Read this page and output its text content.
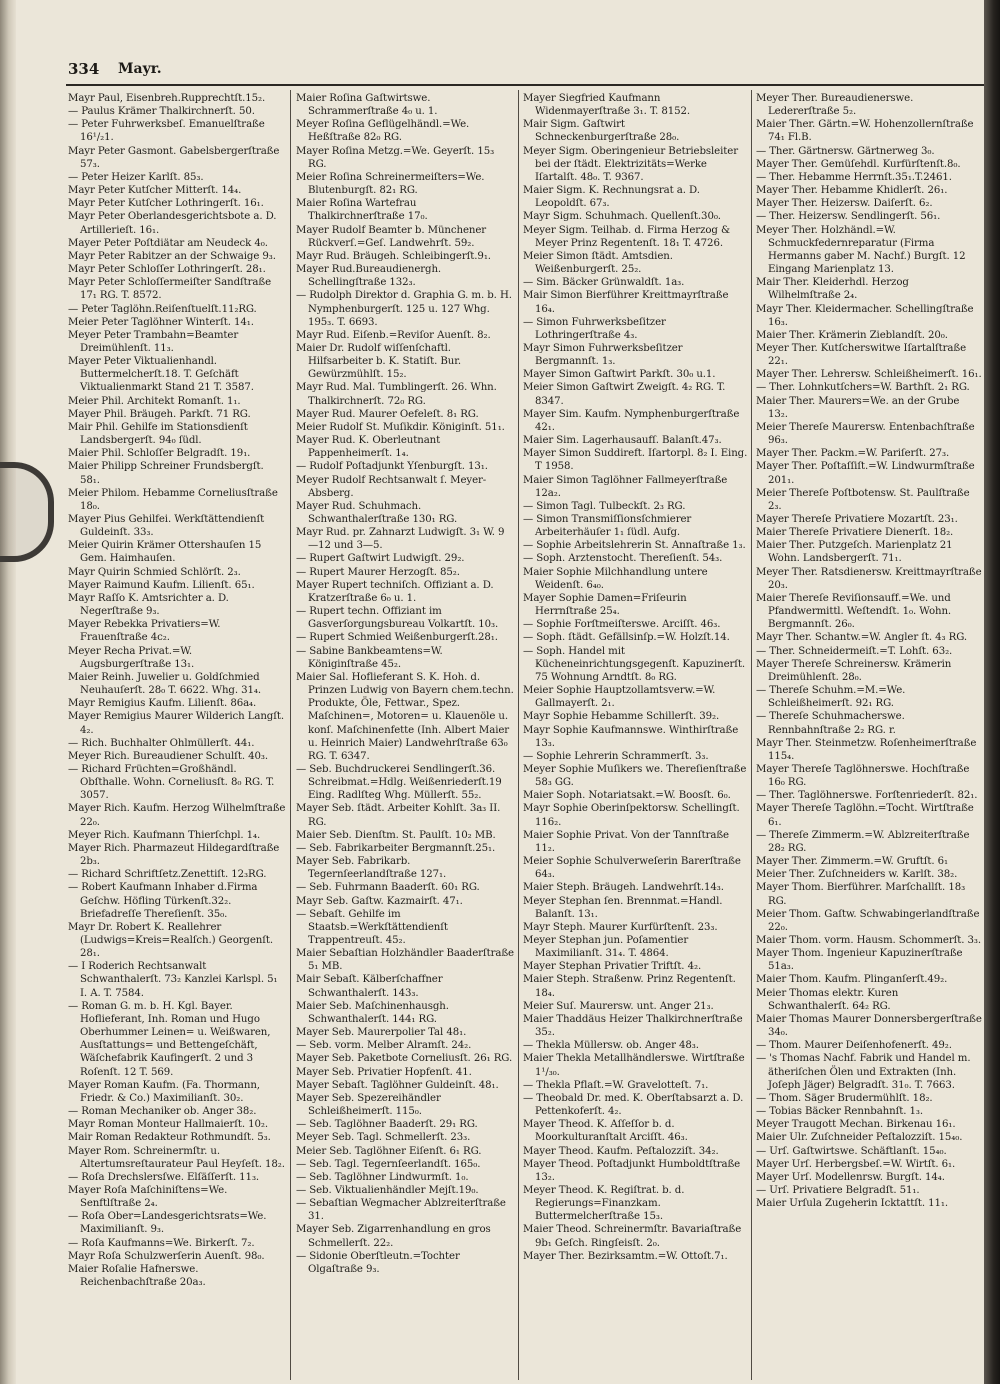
334 Mayr.

Mayr Paul, Eisenbreh.Rupprechtſt.15₂.

— Paulus Krämer Thalkirchnerſt. 50.

— Peter Fuhrwerksbeſ. Emanuelſtraße 16¹/₂1.

Mayr Peter Gasmont. Gabelsbergerſtraße 57₃.

— Peter Heizer Karlſt. 85₃.

Mayr Peter Kutſcher Mitterſt. 14₄.

Mayr Peter Kutſcher Lothringerſt. 16₁.

Mayr Peter Oberlandesgerichtsbote a. D. Artillerieſt. 16₁.

Mayer Peter Poſtdiätar am Neudeck 4₀.

Mayr Peter Rabitzer an der Schwaige 9₃.

Mayr Peter Schloſſer Lothringerſt. 28₁.

Mayr Peter Schloſſermeiſter Sandſtraße 17₁ RG. T. 8572.

— Peter Taglöhn.Reiſenſtuelſt.11₂RG.

Meier Peter Taglöhner Winterſt. 14₁.

Meyer Peter Trambahn=Beamter Dreimühlenſt. 11₃.

Mayer Peter Viktualienhandl. Buttermelcherſt.18. T. Geſchäft Viktualienmarkt Stand 21 T. 3587.

Meier Phil. Architekt Romanſt. 1₁.

Mayer Phil. Bräugeh. Parkſt. 71 RG.

Mair Phil. Gehilfe im Stationsdienſt Landsbergerſt. 94₀ ſüdl.

Maier Phil. Schloſſer Belgradſt. 19₁.

Maier Philipp Schreiner Frundsbergſt. 58₁.

Meier Philom. Hebamme Corneliusſtraße 18₀.

Mayer Pius Gehilfei. Werkſtättendienſt Guldeinſt. 33₃.

Meier Quirin Krämer Ottershauſen 15 Gem. Haimhauſen.

Mayr Quirin Schmied Schlörſt. 2₃.

Mayer Raimund Kaufm. Lilienſt. 65₁.

Mayr Raſſo K. Amtsrichter a. D. Negerſtraße 9₃.

Mayer Rebekka Privatiers=W. Frauenſtraße 4c₂.

Meyer Recha Privat.=W. Augsburgerſtraße 13₁.

Maier Reinh. Juwelier u. Goldſchmied Neuhauſerſt. 28₀ T. 6622. Whg. 31₄.

Mayr Remigius Kaufm. Lilienſt. 86a₄.

Mayer Remigius Maurer Wilderich Langſt. 4₂.

— Rich. Buchhalter Ohlmüllerſt. 44₁.

Meyer Rich. Bureaudiener Schulſt. 40₃.

— Richard Früchten=Großhändl. Obſthalle. Wohn. Corneliusſt. 8₀ RG. T. 3057.

Mayer Rich. Kaufm. Herzog Wilhelmſtraße 22₀.

Meyer Rich. Kaufmann Thierſchpl. 1₄.

Mayer Rich. Pharmazeut Hildegardſtraße 2b₃.

— Richard Schriftſetz.Zenettiſt. 12₃RG.

— Robert Kaufmann Inhaber d.Firma Geſchw. Höfling Türkenſt.32₂. Briefadreſſe Thereſienſt. 35₀.

Mayr Dr. Robert K. Reallehrer (Ludwigs=Kreis=Realſch.) Georgenſt. 28₁.

— I Roderich Rechtsanwalt Schwanthalerſt. 73₂ Kanzlei Karlspl. 5₁ I. A. T. 7584.

— Roman G. m. b. H. Kgl. Bayer. Hoflieferant, Inh. Roman und Hugo Oberhummer Leinen= u. Weißwaren, Ausſtattungs= und Bettengeſchäft, Wäſchefabrik Kaufingerſt. 2 und 3 Roſenſt. 12 T. 569.

Mayer Roman Kaufm. (Fa. Thormann, Friedr. & Co.) Maximilianſt. 30₂.

— Roman Mechaniker ob. Anger 38₂.

Mayr Roman Monteur Hallmaierſt. 10₂.

Mair Roman Redakteur Rothmundſt. 5₃.

Mayer Rom. Schreinermſtr. u. Altertumsreſtaurateur Paul Heyſeſt. 18₂.

— Roſa Drechslersſwe. Elſäſſerſt. 11₃.

Mayer Roſa Maſchiniſtens=We. Senftlſtraße 2₄.

— Roſa Ober=Landesgerichtsrats=We. Maximilianſt. 9₃.

— Roſa Kaufmanns=We. Birkerſt. 7₂.

Mayr Roſa Schulzwerſerin Auenſt. 98₀.

Maier Roſalie Hafnerswe. Reichenbachſtraße 20a₃.

Maier Roſina Gaſtwirtswe. Schrammerſtraße 4₀ u. 1.

Meyer Roſina Geflügelhändl.=We. Heßſtraße 82₀ RG.

Mayer Roſina Metzg.=We. Geyerſt. 15₃ RG.

Meier Roſina Schreinermeiſters=We. Blutenburgſt. 82₁ RG.

Maier Roſina Wartefrau Thalkirchnerſtraße 17₀.

Mayer Rudolf Beamter b. Münchener Rückverſ.=Geſ. Landwehrſt. 59₂.

Mayr Rud. Bräugeh. Schleibingerſt.9₁.

Mayer Rud.Bureaudienergh. Schellingſtraße 132₃.

— Rudolph Direktor d. Graphia G. m. b. H. Nymphenburgerſt. 125 u. 127 Whg. 195₃. T. 6693.

Mayr Rud. Eiſenb.=Reviſor Auenſt. 8₂.

Maier Dr. Rudolf wiſſenſchaftl. Hilfsarbeiter b. K. Statiſt. Bur. Gewürzmühlſt. 15₂.

Mayr Rud. Mal. Tumblingerſt. 26. Whn. Thalkirchnerſt. 72₀ RG.

Mayer Rud. Maurer Oefeleſt. 8₁ RG.

Meier Rudolf St. Muſikdir. Königinſt. 51₁.

Mayer Rud. K. Oberleutnant Pappenheimerſt. 1₄.

— Rudolf Poſtadjunkt Yſenburgſt. 13₁.

Meyer Rudolf Rechtsanwalt ſ. Meyer-Absberg.

Mayer Rud. Schuhmach. Schwanthalerſtraße 130₁ RG.

Mayr Rud. pr. Zahnarzt Ludwigſt. 3₁ W. 9—12 und 3—5.

— Rupert Gaſtwirt Ludwigſt. 29₂.

— Rupert Maurer Herzogſt. 85₂.

Mayer Rupert techniſch. Offizіant a. D. Kratzerſtraße 6₀ u. 1.

— Rupert techn. Offiziant im Gasverſorgungsbureau Volkartſt. 10₃.

— Rupert Schmied Weißenburgerſt.28₁.

— Sabine Bankbeamtens=W. Königinſtraße 45₂.

Maier Sal. Hoflieferant S. K. Hoh. d. Prinzen Ludwig von Bayern chem.techn. Produkte, Öle, Fettwar., Spez. Maſchinen=, Motoren= u. Klauenöle u. konſ. Maſchinenfette (Inh. Albert Maier u. Heinrich Maier) Landwehrſtraße 63₀ RG. T. 6347.

— Seb. Buchdruckerei Sendlingerſt.36. Schreibmat.=Hdlg. Weißenriederſt.19 Eing. Radlſteg Whg. Müllerſt. 55₂.

Mayer Seb. ſtädt. Arbeiter Kohlſt. 3a₃ II. RG.

Maier Seb. Dienſtm. St. Paulſt. 10₂ MB.

— Seb. Fabrikarbeiter Bergmannſt.25₁.

Mayer Seb. Fabrikarb. Tegernſeerlandſtraße 127₁.

— Seb. Fuhrmann Baaderſt. 60₁ RG.

Mayr Seb. Gaſtw. Kazmairſt. 47₁.

— Sebaſt. Gehilfe im Staatsb.=Werkſtättendienſt Trappentreuſt. 45₂.

Maier Sebaſtian Holzhändler Baaderſtraße 5₁ MB.

Mair Sebaſt. Kälberſchaffner Schwanthalerſt. 143₃.

Maier Seb. Maſchinenhausgh. Schwanthalerſt. 144₁ RG.

Mayer Seb. Maurerpolier Tal 48₁.

— Seb. vorm. Melber Alramſt. 24₂.

Mayer Seb. Paketbote Corneliusſt. 26₁ RG.

Mayer Seb. Privatier Hopfenſt. 41.

Mayer Sebaſt. Taglöhner Guldeinſt. 48₁.

Mayer Seb. Spezereihändler Schleißheimerſt. 115₀.

— Seb. Taglöhner Baaderſt. 29₁ RG.

Meyer Seb. Tagl. Schmellerſt. 23₃.

Meier Seb. Taglöhner Eiſenſt. 6₁ RG.

— Seb. Tagl. Tegernſeerlandſt. 165₀.

— Seb. Taglöhner Lindwurmſt. 1₀.

— Seb. Viktualienhändler Mejſt.19₀.

— Sebaſtian Wegmacher Ablzreiterſtraße 31.

Mayer Seb. Zigarrenhandlung en gros Schmellerſt. 22₂.

— Sidonie Oberſtleutn.=Tochter Olgaſtraße 9₃.

Mayer Siegfried Kaufmann Widenmayerſtraße 3₁. T. 8152.

Mair Sigm. Gaſtwirt Schneckenburgerſtraße 28₀.

Meyer Sigm. Oberingenieur Betriebsleiter bei der ſtädt. Elektrizitäts=Werke Iſartalſt. 48₀. T. 9367.

Maier Sigm. K. Rechnungsrat a. D. Leopoldſt. 67₃.

Mayr Sigm. Schuhmach. Quellenſt.30₀.

Meyer Sigm. Teilhab. d. Firma Herzog & Meyer Prinz Regentenſt. 18₁ T. 4726.

Meier Simon ſtädt. Amtsdien. Weißenburgerſt. 25₂.

— Sim. Bäcker Grünwaldſt. 1a₃.

Mair Simon Bierführer Kreittmayrſtraße 16₄.

— Simon Fuhrwerksbeſitzer Lothringerſtraße 4₃.

Mayr Simon Fuhrwerksbeſitzer Bergmannſt. 1₃.

Mayer Simon Gaſtwirt Parkſt. 30₀ u.1.

Meier Simon Gaſtwirt Zweigſt. 4₂ RG. T. 8347.

Mayer Sim. Kaufm. Nymphenburgerſtraße 42₁.

Maier Sim. Lagerhausaufſ. Balanſt.47₃.

Mayer Simon Suddireft. Iſartorpl. 8₂ I. Eing. T 1958.

Maier Simon Taglöhner Fallmeyerſtraße 12a₂.

— Simon Tagl. Tulbeckſt. 2₃ RG.

— Simon Transmiſſionsſchmierer Arbeiterhäuſer 1₁ ſüdl. Aufg.

— Sophie Arbeitslehrerin St. Annaſtraße 1₃.

— Soph. Arztenstocht. Thereſienſt. 54₃.

Maier Sophie Milchhandlung untere Weidenſt. 6₄₀.

Mayer Sophie Damen=Friſeurin Herrnſtraße 25₄.

— Sophie Forſtmeiſterswe. Arciſſt. 46₃.

— Soph. ſtädt. Gefällsinſp.=W. Holzſt.14.

— Soph. Handel mit Kücheneinrichtungsgegenſt. Kapuzinerſt. 75 Wohnung Arndtſt. 8₀ RG.

Meier Sophie Hauptzollamtsverw.=W. Gallmayerſt. 2₁.

Mayr Sophie Hebamme Schillerſt. 39₂.

Mayr Sophie Kaufmannswe. Winthirſtraße 13₃.

— Sophie Lehrerin Schrammerſt. 3₃.

Meyer Sophie Muſikers we. Thereſienſtraße 58₃ GG.

Maier Soph. Notariatsakt.=W. Boosſt. 6₀.

Mayr Sophie Oberinſpektorsw. Schellingſt. 116₂.

Maier Sophie Privat. Von der Tannſtraße 11₂.

Meier Sophie Schulverweſerin Barerſtraße 64₃.

Maier Steph. Bräugeh. Landwehrſt.14₃.

Meyer Stephan ſen. Brennmat.=Handl. Balanſt. 13₁.

Mayr Steph. Maurer Kurfürſtenſt. 23₃.

Meyer Stephan jun. Poſamentier Maximilianſt. 31₄. T. 4864.

Mayer Stephan Privatier Triftſt. 4₂.

Maier Steph. Straßenw. Prinz Regentenſt. 18₄.

Meier Suſ. Maurersw. unt. Anger 21₃.

Maier Thaddäus Heizer Thalkirchnerſtraße 35₂.

— Thekla Müllersw. ob. Anger 48₃.

Maier Thekla Metallhändlerswe. Wirtſtraße 1¹/₃₀.

— Thekla Pflaſt.=W. Gravelotteſt. 7₁.

— Theobald Dr. med. K. Oberſtabsarzt a. D. Pettenkoferſt. 4₂.

Mayer Theod. K. Aſſeſſor b. d. Moorkulturanſtalt Arciſſt. 46₃.

Mayer Theod. Kaufm. Peſtalozziſt. 34₂.

Mayer Theod. Poſtadjunkt Humboldtſtraße 13₂.

Meyer Theod. K. Regiſtrat. b. d. Regierungs=Finanzkam. Buttermelcherſtraße 15₃.

Maier Theod. Schreinermſtr. Bavariaſtraße 9b₁ Geſch. Ringſeisſt. 2₀.

Mayer Ther. Bezirksamtm.=W. Ottoſt.7₁.

Meyer Ther. Bureaudienerswe. Ledererſtraße 5₂.

Maier Ther. Gärtn.=W. Hohenzollernſtraße 74₁ Fl.B.

— Ther. Gärtnersw. Gärtnerweg 3₀.

Mayer Ther. Gemüſehdl. Kurfürſtenſt.8₀.

— Ther. Hebamme Herrnſt.35₁.T.2461.

Mayer Ther. Hebamme Khidlerſt. 26₁.

Mayer Ther. Heizersw. Daiſerſt. 6₂.

— Ther. Heizersw. Sendlingerſt. 56₁.

Meyer Ther. Holzhändl.=W. Schmuckfedernreparatur (Firma Hermanns gaber M. Nachf.) Burgſt. 12 Eingang Marienplatz 13.

Mair Ther. Kleiderhdl. Herzog Wilhelmſtraße 2₄.

Mayr Ther. Kleidermacher. Schellingſtraße 16₃.

Maier Ther. Krämerin Zieblandſt. 20₀.

Meyer Ther. Kutſcherswitwe Iſartalſtraße 22₁.

Mayer Ther. Lehrersw. Schleißheimerſt. 16₁.

— Ther. Lohnkutſchers=W. Barthſt. 2₁ RG.

Maier Ther. Maurers=We. an der Grube 13₂.

Meier Thereſe Maurersw. Entenbachſtraße 96₃.

Mayer Ther. Packm.=W. Pariſerſt. 27₃.

Mayer Ther. Poſtaſſiſt.=W. Lindwurmſtraße 201₁.

Meier Thereſe Poſtbotensw. St. Paulſtraße 2₃.

Mayer Thereſe Privatiere Mozartſt. 23₁.

Maier Thereſe Privatiere Dienerſt. 18₂.

Maier Ther. Putzgeſch. Marienplatz 21 Wohn. Landsbergerſt. 71₁.

Meyer Ther. Ratsdienersw. Kreittmayrſtraße 20₃.

Maier Thereſe Reviſionsauff.=We. und Pfandwermittl. Weſtendſt. 1₀. Wohn. Bergmannſt. 26₀.

Mayr Ther. Schantw.=W. Angler ſt. 4₃ RG.

— Ther. Schneidermeiſt.=T. Lohſt. 63₂.

Mayer Thereſe Schreinersw. Krämerin Dreimühlenſt. 28₀.

— Thereſe Schuhm.=M.=We. Schleißheimerſt. 92₁ RG.

— Thereſe Schuhmacherswe. Rennbahnſtraße 2₂ RG. r.

Mayr Ther. Steinmetzw. Roſenheimerſtraße 115₄.

Mayer Thereſe Taglöhnerswe. Hochſtraße 16₀ RG.

— Ther. Taglöhnerswe. Forſtenriederſt. 82₁.

Mayer Thereſe Taglöhn.=Tocht. Wirtſtraße 6₁.

— Thereſe Zimmerm.=W. Ablzreiterſtraße 28₂ RG.

Mayer Ther. Zimmerm.=W. Gruftſt. 6₁

Meier Ther. Zuſchneiders w. Karlſt. 38₂.

Mayer Thom. Bierführer. Marſchallſt. 18₃ RG.

Meier Thom. Gaſtw. Schwabingerlandſtraße 22₀.

Maier Thom. vorm. Hausm. Schommerſt. 3₃.

Mayer Thom. Ingenieur Kapuzinerſtraße 51a₃.

Maier Thom. Kaufm. Plinganſerſt.49₂.

Meier Thomas elektr. Kuren Schwanthalerſt. 64₂ RG.

Maier Thomas Maurer Donnersbergerſtraße 34₀.

— Thom. Maurer Deiſenhofenerſt. 49₂.

— 's Thomas Nachf. Fabrik und Handel m. ätheriſchen Ölen und Extrakten (Inh. Joſeph Jäger) Belgradſt. 31₀. T. 7663.

— Thom. Säger Brudermühlſt. 18₂.

— Tobias Bäcker Rennbahnſt. 1₃.

Meyer Traugott Mechan. Birkenau 16₁.

Maier Ulr. Zuſchneider Peſtalozziſt. 15₄₀.

— Urſ. Gaſtwirtswe. Schäftlanſt. 15₄₀.

Mayer Urſ. Herbergsbeſ.=W. Wirtſt. 6₁.

Mayer Urſ. Modellenrsw. Burgſt. 14₄.

— Urſ. Privatiere Belgradſt. 51₁.

Maier Urſula Zugeherin Icktattſt. 11₁.
